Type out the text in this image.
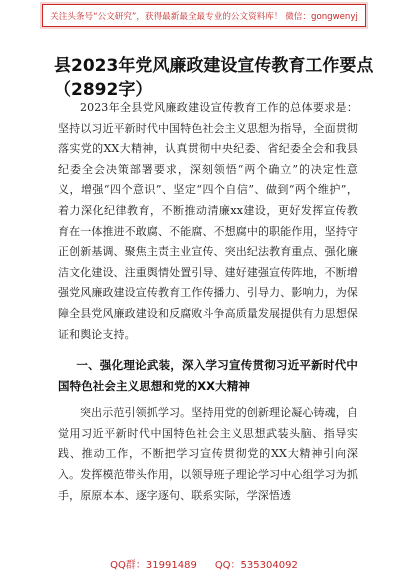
关注头条号“公文研究”，获得最新最全最专业的公文资料库！ 微信：gongwenyj
县2023年党风廉政建设宣传教育工作要点
（2892字）

2023年全县党风廉政建设宣传教育工作的总体要求是：坚持以习近平新时代中国特色社会主义思想为指导，全面贯彻落实党的XX大精神，认真贯彻中央纪委、省纪委全会和我县纪委全会决策部署要求，深刻领悟“两个确立”的决定性意义，增强“四个意识”、坚定“四个自信”、做到“两个维护”，着力深化纪律教育，不断推动清廉xx建设，更好发挥宣传教育在一体推进不敢腐、不能腐、不想腐中的职能作用，坚持守正创新基调、聚焦主责主业宣传、突出纪法教育重点、强化廉洁文化建设、注重舆情处置引导、建好建强宣传阵地，不断增强党风廉政建设宣传教育工作传播力、引导力、影响力，为保障全县党风廉政建设和反腐败斗争高质量发展提供有力思想保证和舆论支持。

一、强化理论武装，深入学习宣传贯彻习近平新时代中国特色社会主义思想和党的XX大精神

突出示范引领抓学习。坚持用党的创新理论凝心铸魂，自觉用习近平新时代中国特色社会主义思想武装头脑、指导实践、推动工作，不断把学习宣传贯彻党的XX大精神引向深入。发挥模范带头作用，以领导班子理论学习中心组学习为抓手，原原本本、逐字逐句、联系实际，学深悟透

QQ群：31991489 QQ：535304092
